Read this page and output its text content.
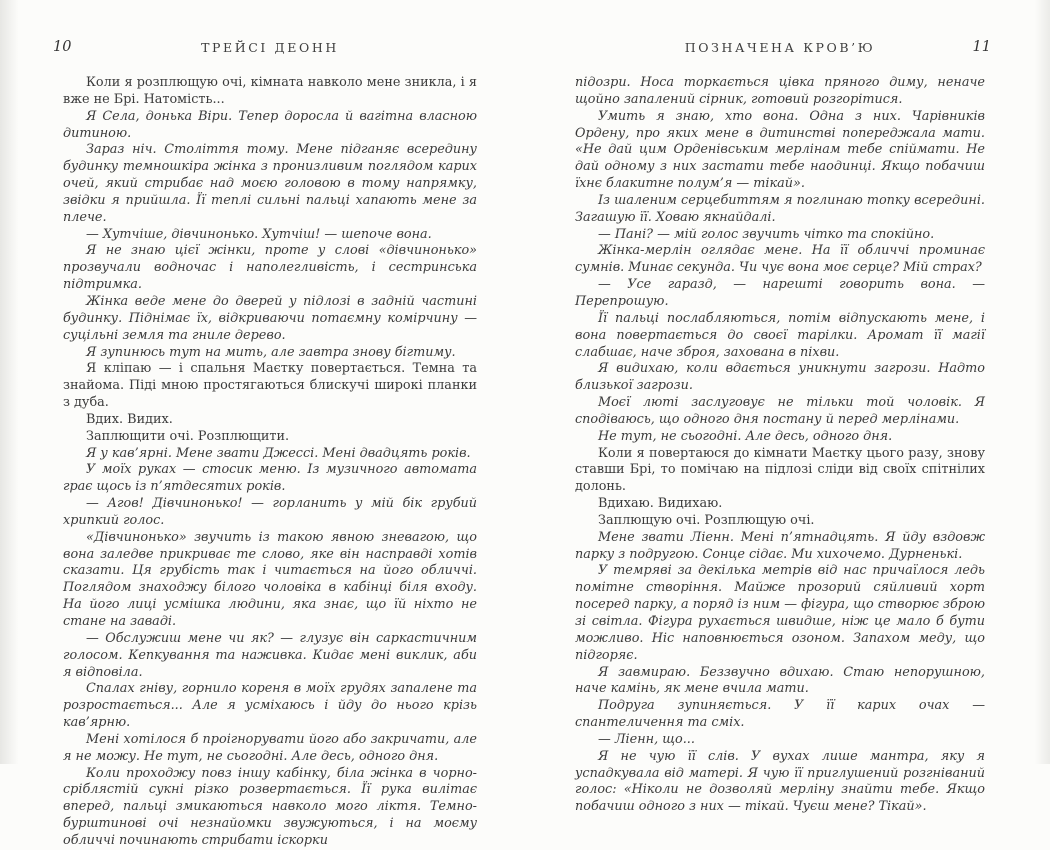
10	ТРЕЙСІ ДЕОНН

Коли я розплющую очі, кімната навколо мене зникла, і я вже не Брі. Натомість...

Я Села, донька Віри. Тепер доросла й вагітна власною дитиною.

Зараз ніч. Століття тому. Мене підганяє всередину будинку темношкіра жінка з пронизливим поглядом карих очей, який стрибає над моєю головою в тому напрямку, звідки я прийшла. Її теплі сильні пальці хапають мене за плече.

— Хутчіше, дівчинонько. Хутчіш! — шепоче вона.

Я не знаю цієї жінки, проте у слові «дівчинонько» прозвучали водночас і наполегливість, і сестринська підтримка.

Жінка веде мене до дверей у підлозі в задній частині будинку. Піднімає їх, відкриваючи потаємну комірчину — суцільні земля та гниле дерево.

Я зупинюсь тут на мить, але завтра знову бігтиму.

Я кліпаю — і спальня Маєтку повертається. Темна та знайома. Піді мною простягаються блискучі широкі планки з дуба.

Вдих. Видих.

Заплющити очі. Розплющити.

Я у кав’ярні. Мене звати Джессі. Мені двадцять років.

У моїх руках — стосик меню. Із музичного автомата грає щось із п’ятдесятих років.

— Агов! Дівчинонько! — горланить у мій бік грубий хрипкий голос.

«Дівчинонько» звучить із такою явною зневагою, що вона заледве прикриває те слово, яке він насправді хотів сказати. Ця грубість так і читається на його обличчі. Поглядом знаходжу білого чоловіка в кабінці біля входу. На його лиці усмішка людини, яка знає, що їй ніхто не стане на заваді.

— Обслужиш мене чи як? — глузує він саркастичним голосом. Кепкування та наживка. Кидає мені виклик, аби я відповіла.

Спалах гніву, горнило кореня в моїх грудях запалене та розростається... Але я усміхаюсь і йду до нього крізь кав’ярню.

Мені хотілося б проігнорувати його або закричати, але я не можу. Не тут, не сьогодні. Але десь, одного дня.

Коли проходжу повз іншу кабінку, біла жінка в чорно-сріблястій сукні різко розвертається. Її рука вилітає вперед, пальці змикаються навколо мого ліктя. Темно-бурштинові очі незнайомки звужуються, і на моєму обличчі починають стрибати іскорки

ПОЗНАЧЕНА КРОВ’Ю	11

підозри. Носа торкається цівка пряного диму, неначе щойно запалений сірник, готовий розгорітися.

Умить я знаю, хто вона. Одна з них. Чарівників Ордену, про яких мене в дитинстві попереджала мати. «Не дай цим Орденівським мерлінам тебе спіймати. Не дай одному з них застати тебе наодинці. Якщо побачиш їхнє блакитне полум’я — тікай».

Із шаленим серцебиттям я поглинаю топку всередині. Загашую її. Ховаю якнайдалі.

— Пані? — мій голос звучить чітко та спокійно.

Жінка-мерлін оглядає мене. На її обличчі проминає сумнів. Минає секунда. Чи чує вона моє серце? Мій страх?

— Усе гаразд, — нарешті говорить вона. — Перепрошую.

Її пальці послабляються, потім відпускають мене, і вона повертається до своєї тарілки. Аромат її магії слабшає, наче зброя, захована в піхви.

Я видихаю, коли вдається уникнути загрози. Надто близької загрози.

Моєї люті заслуговує не тільки той чоловік. Я сподіваюсь, що одного дня постану й перед мерлінами.

Не тут, не сьогодні. Але десь, одного дня.

Коли я повертаюся до кімнати Маєтку цього разу, знову ставши Брі, то помічаю на підлозі сліди від своїх спітнілих долонь.

Вдихаю. Видихаю.

Заплющую очі. Розплющую очі.

Мене звати Ліенн. Мені п’ятнадцять. Я йду вздовж парку з подругою. Сонце сідає. Ми хихочемо. Дурненькі.

У темряві за декілька метрів від нас причаїлося ледь помітне створіння. Майже прозорий сяйливий хорт посеред парку, а поряд із ним — фігура, що створює зброю зі світла. Фігура рухається швидше, ніж це мало б бути можливо. Ніс наповнюється озоном. Запахом меду, що підгоряє.

Я завмираю. Беззвучно вдихаю. Стаю непорушною, наче камінь, як мене вчила мати.

Подруга зупиняється. У її карих очах — спантеличення та сміх.

— Ліенн, що...

Я не чую її слів. У вухах лише мантра, яку я успадкувала від матері. Я чую її приглушений розгніваний голос: «Ніколи не дозволяй мерліну знайти тебе. Якщо побачиш одного з них — тікай. Чуєш мене? Тікай».
